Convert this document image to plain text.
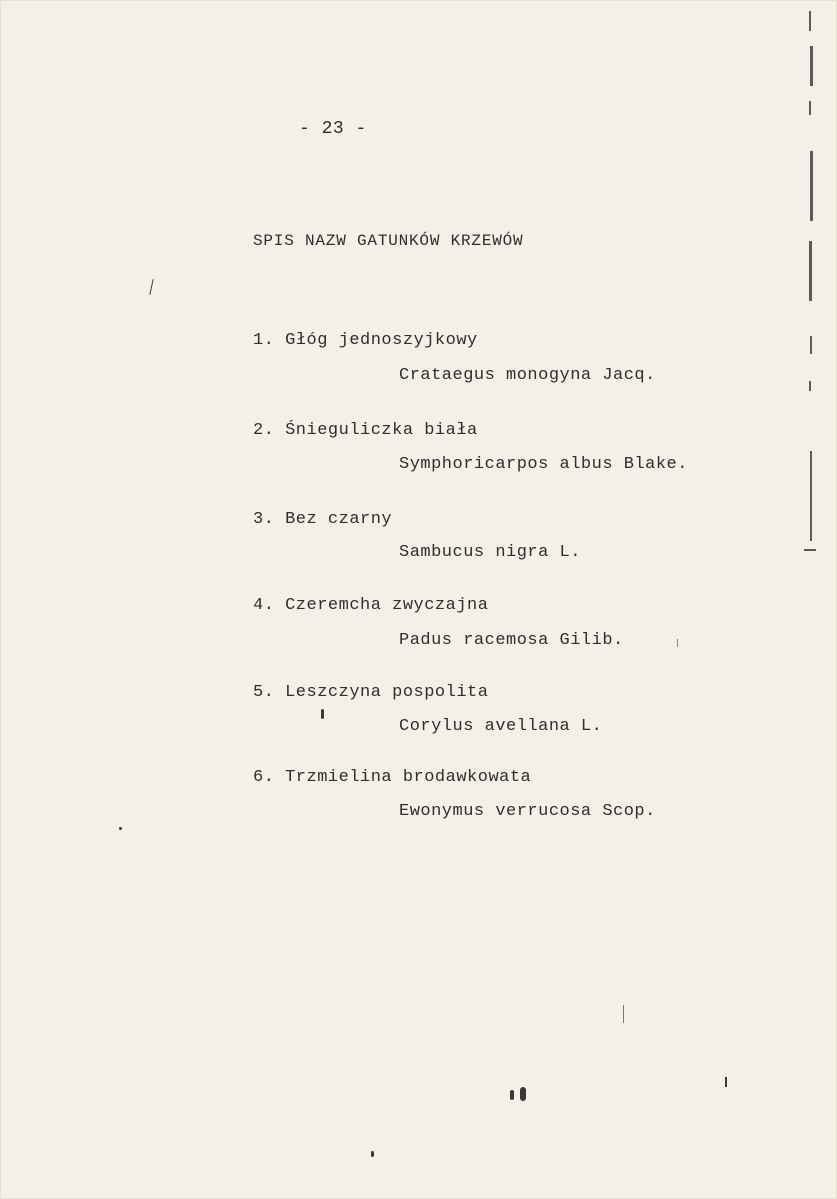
- 23 -
SPIS NAZW GATUNKÓW KRZEWÓW
1. Głóg jednoszyjkowy
Crataegus monogyna Jacq.
2. Śnieguliczka biała
Symphoricarpos albus Blake.
3. Bez czarny
Sambucus nigra L.
4. Czeremcha zwyczajna
Padus racemosa Gilib.
5. Leszczyna pospolita
Corylus avellana L.
6. Trzmielina brodawkowata
Ewonymus verrucosa Scop.
